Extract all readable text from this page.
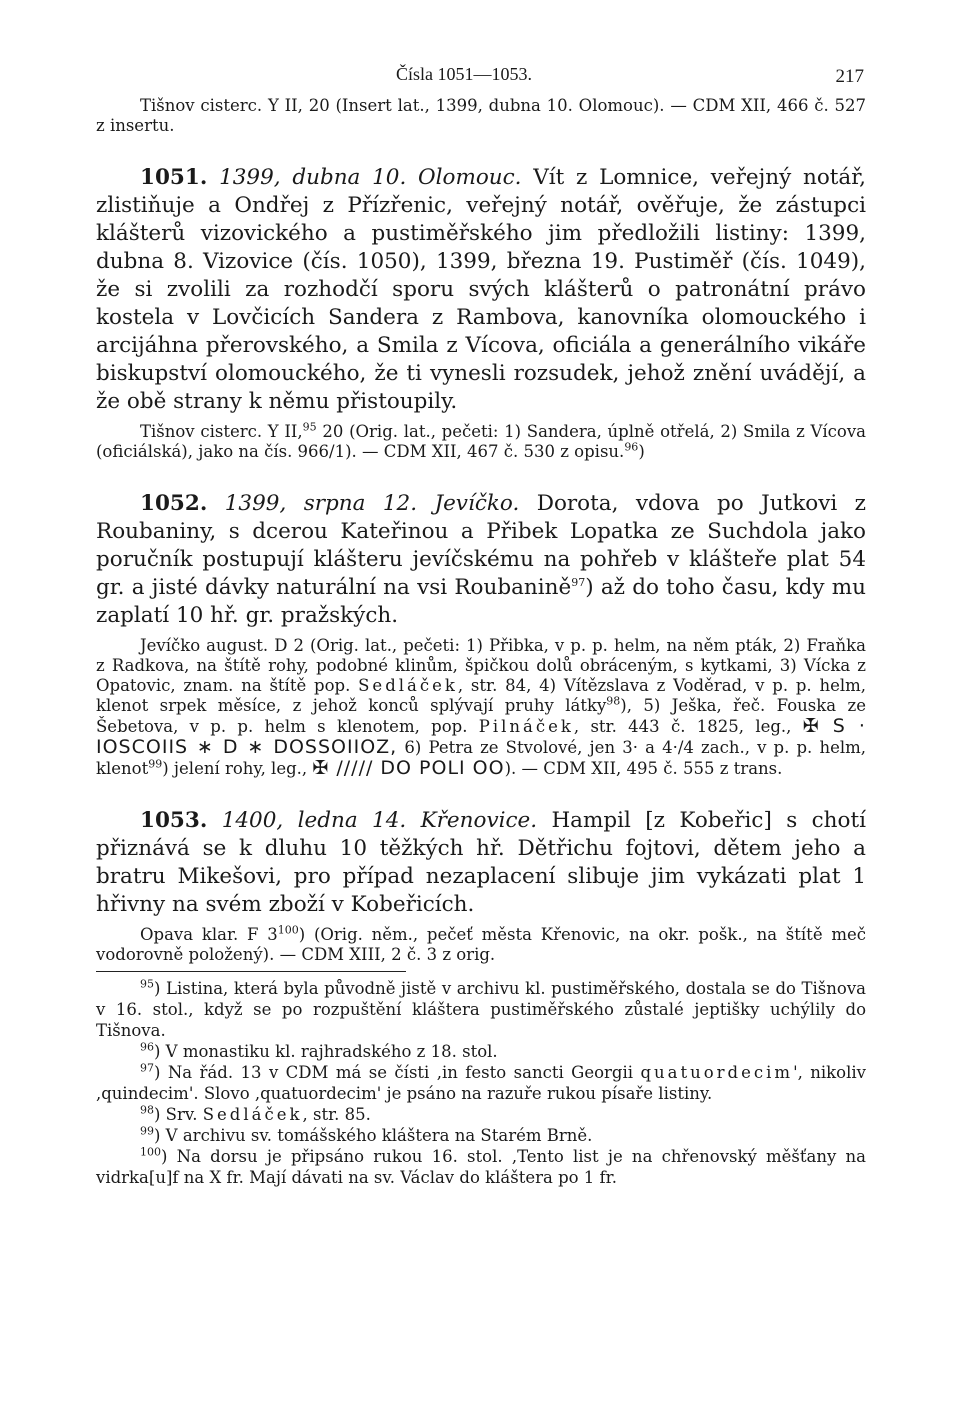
Čísla 1051—1053.	217

Tišnov cisterc. Y II, 20 (Insert lat., 1399, dubna 10. Olomouc). — CDM XII, 466 č. 527 z insertu.

1051. 1399, dubna 10. Olomouc. Vít z Lomnice, veřejný notář, zlistiňuje a Ondřej z Přízřenic, veřejný notář, ověřuje, že zástupci klášterů vizovického a pustiměřského jim předložili listiny: 1399, dubna 8. Vizovice (čís. 1050), 1399, března 19. Pustiměř (čís. 1049), že si zvolili za rozhodčí sporu svých klášterů o patronátní právo kostela v Lovčicích Sandera z Rambova, kanovníka olomouckého i arcijáhna přerovského, a Smila z Vícova, oficiála a generálního vikáře biskupství olomouckého, že ti vynesli rozsudek, jehož znění uvádějí, a že obě strany k němu přistoupily.

Tišnov cisterc. Y II,$^{95}$ 20 (Orig. lat., pečeti: 1) Sandera, úplně otřelá, 2) Smila z Vícova (oficiálská), jako na čís. 966/1). — CDM XII, 467 č. 530 z opisu.$^{96}$)

1052. 1399, srpna 12. Jevíčko. Dorota, vdova po Jutkovi z Roubaniny, s dcerou Kateřinou a Přibek Lopatka ze Suchdola jako poručník postupují klášteru jevíčskému na pohřeb v klášteře plat 54 gr. a jisté dávky naturální na vsi Roubanině$^{97}$) až do toho času, kdy mu zaplatí 10 hř. gr. pražských.

Jevíčko august. D 2 (Orig. lat., pečeti: 1) Přibka, v p. p. helm, na něm pták, 2) Fraňka z Radkova, na štítě rohy, podobné klinům, špičkou dolů obráceným, s kytkami, 3) Vícka z Opatovic, znam. na štítě pop. Sedláček, str. 84, 4) Vítězslava z Voděrad, v p. p. helm, klenot srpek měsíce, z jehož konců splývají pruhy látky$^{98}$), 5) Ješka, řeč. Fouska ze Šebetova, v p. p. helm s klenotem, pop. Pilnáček, str. 443 č. 1825, leg., ✠ S · IOSCOIIS ∗ D ∗ DOSSOIIOZ, 6) Petra ze Stvolové, jen 3· a 4·/4 zach., v p. p. helm, klenot$^{99}$) jelení rohy, leg., ✠ ///// DO POLI OO). — CDM XII, 495 č. 555 z trans.

1053. 1400, ledna 14. Křenovice. Hampil [z Kobeřic] s chotí přiznává se k dluhu 10 těžkých hř. Dětřichu fojtovi, dětem jeho a bratru Mikešovi, pro případ nezaplacení slibuje jim vykázati plat 1 hřivny na svém zboží v Kobeřicích.

Opava klar. F $3^{100}$) (Orig. něm., pečeť města Křenovic, na okr. pošk., na štítě meč vodorovně položený). — CDM XIII, 2 č. 3 z orig.

$^{95}$) Listina, která byla původně jistě v archivu kl. pustiměřského, dostala se do Tišnova v 16. stol., když se po rozpuštění kláštera pustiměřského zůstalé jeptišky uchýlily do Tišnova.

$^{96}$) V monastiku kl. rajhradského z 18. stol.

$^{97}$) Na řád. 13 v CDM má se čísti ,in festo sancti Georgii quatuordecim', nikoliv ,quindecim'. Slovo ,quatuordecim' je psáno na razuře rukou písaře listiny.

$^{98}$) Srv. Sedláček, str. 85.

$^{99}$) V archivu sv. tomášského kláštera na Starém Brně.

$^{100}$) Na dorsu je připsáno rukou 16. stol. ,Tento list je na chřenovský měšťany na vidrka[u]f na X fr. Mají dávati na sv. Václav do kláštera po 1 fr.
